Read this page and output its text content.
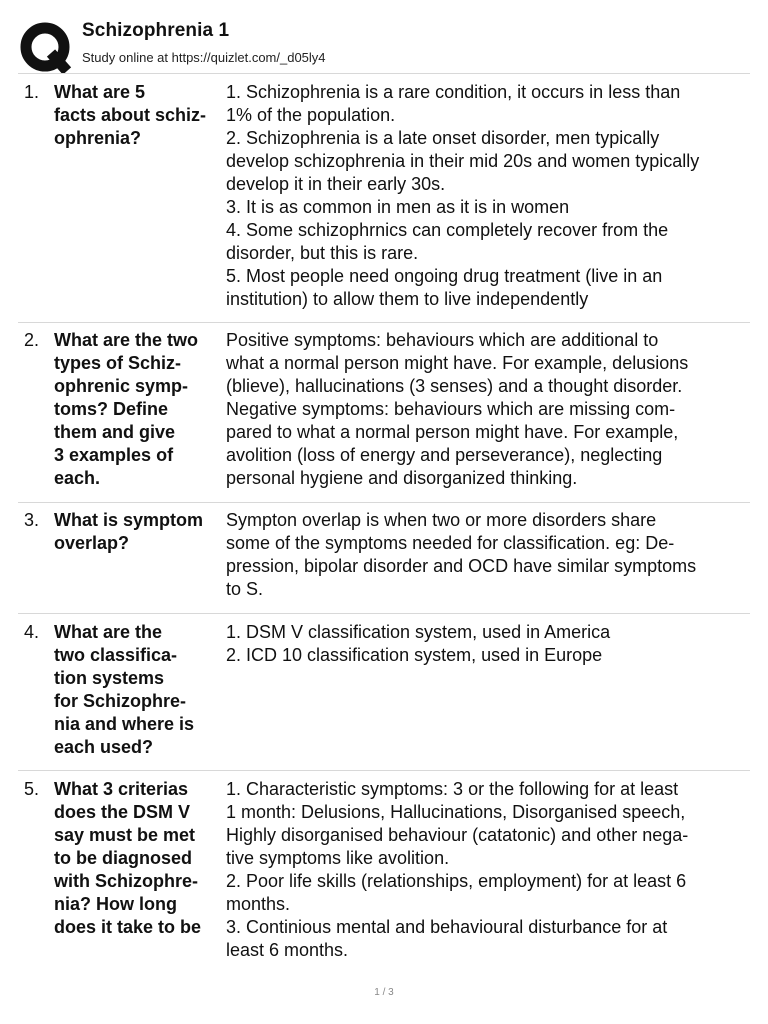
Schizophrenia 1
Study online at https://quizlet.com/_d05ly4
1. What are 5
facts about schiz-
ophrenia?
1. Schizophrenia is a rare condition, it occurs in less than
1% of the population.
2. Schizophrenia is a late onset disorder, men typically
develop schizophrenia in their mid 20s and women typically
develop it in their early 30s.
3. It is as common in men as it is in women
4. Some schizophrnics can completely recover from the
disorder, but this is rare.
5. Most people need ongoing drug treatment (live in an
institution) to allow them to live independently
2. What are the two
types of Schiz-
ophrenic symp-
toms? Define
them and give
3 examples of
each.
Positive symptoms: behaviours which are additional to
what a normal person might have. For example, delusions
(blieve), hallucinations (3 senses) and a thought disorder.
Negative symptoms: behaviours which are missing com-
pared to what a normal person might have. For example,
avolition (loss of energy and perseverance), neglecting
personal hygiene and disorganized thinking.
3. What is symptom
overlap?
Sympton overlap is when two or more disorders share
some of the symptoms needed for classification. eg: De-
pression, bipolar disorder and OCD have similar symptoms
to S.
4. What are the
two classifica-
tion systems
for Schizophre-
nia and where is
each used?
1. DSM V classification system, used in America
2. ICD 10 classification system, used in Europe
5. What 3 criterias
does the DSM V
say must be met
to be diagnosed
with Schizophre-
nia? How long
does it take to be
1. Characteristic symptoms: 3 or the following for at least
1 month: Delusions, Hallucinations, Disorganised speech,
Highly disorganised behaviour (catatonic) and other nega-
tive symptoms like avolition.
2. Poor life skills (relationships, employment) for at least 6
months.
3. Continious mental and behavioural disturbance for at
least 6 months.
1 / 3
